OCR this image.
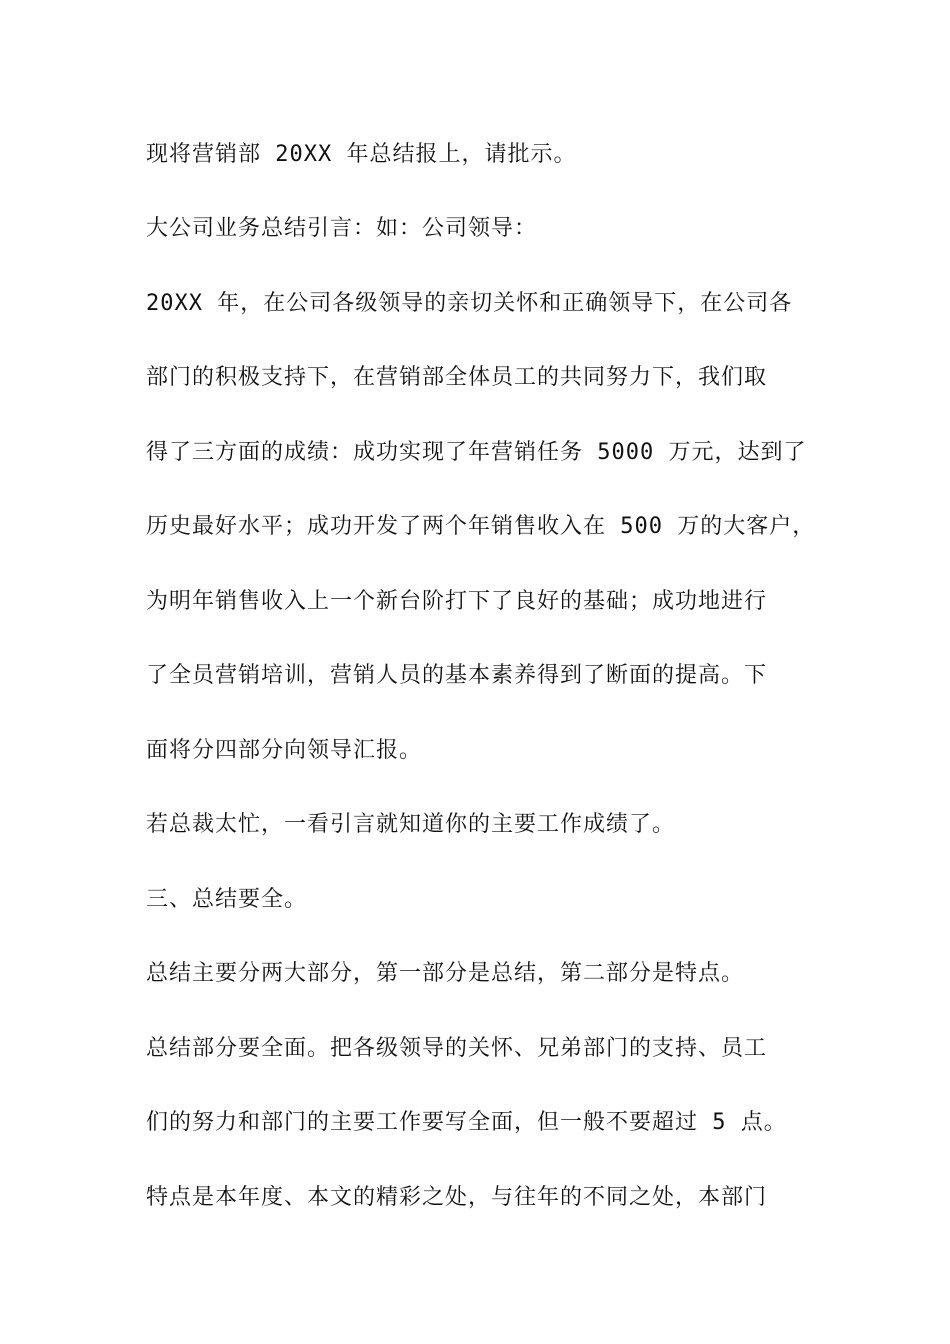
现将营销部 20XX 年总结报上，请批示。

大公司业务总结引言：如：公司领导：

20XX 年，在公司各级领导的亲切关怀和正确领导下，在公司各

部门的积极支持下，在营销部全体员工的共同努力下，我们取

得了三方面的成绩：成功实现了年营销任务 5000 万元，达到了

历史最好水平；成功开发了两个年销售收入在 500 万的大客户，

为明年销售收入上一个新台阶打下了良好的基础；成功地进行

了全员营销培训，营销人员的基本素养得到了断面的提高。下

面将分四部分向领导汇报。

若总裁太忙，一看引言就知道你的主要工作成绩了。

三、总结要全。

总结主要分两大部分，第一部分是总结，第二部分是特点。

总结部分要全面。把各级领导的关怀、兄弟部门的支持、员工

们的努力和部门的主要工作要写全面，但一般不要超过 5 点。

特点是本年度、本文的精彩之处，与往年的不同之处，本部门
